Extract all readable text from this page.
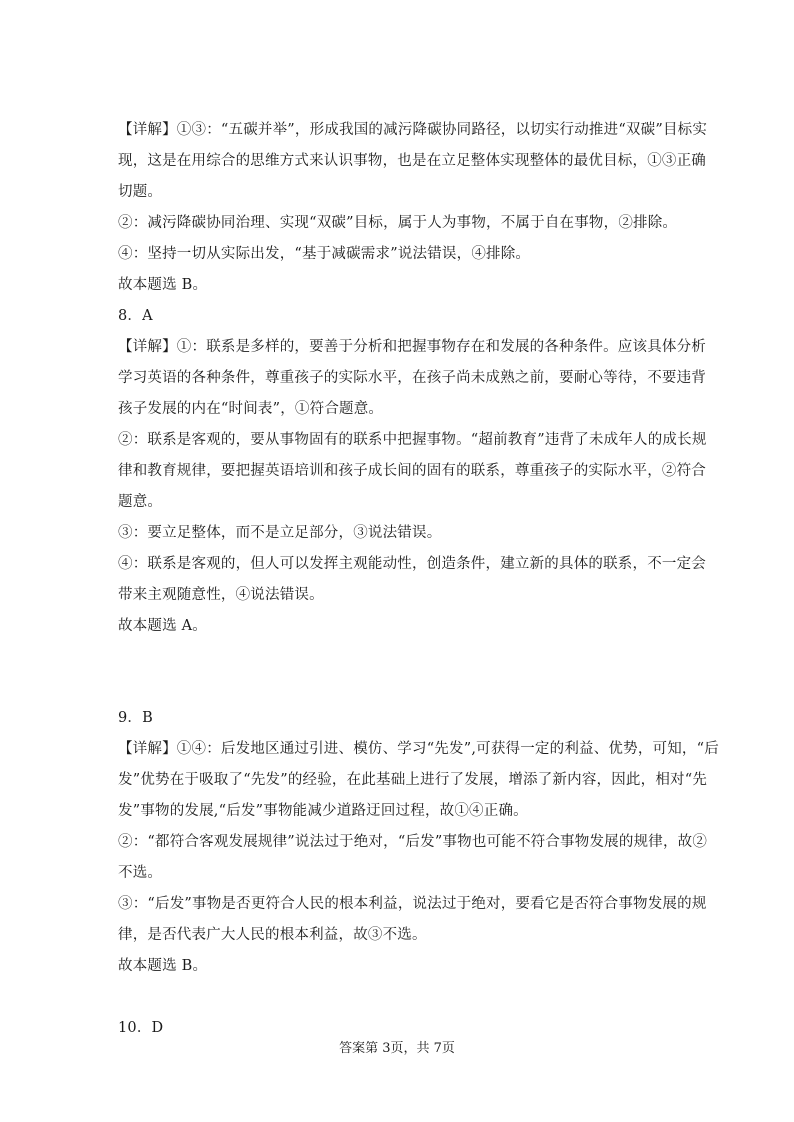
【详解】①③：“五碳并举”，形成我国的减污降碳协同路径，以切实行动推进“双碳”目标实
现，这是在用综合的思维方式来认识事物，也是在立足整体实现整体的最优目标，①③正确
切题。
②：减污降碳协同治理、实现“双碳”目标，属于人为事物，不属于自在事物，②排除。
④：坚持一切从实际出发，“基于减碳需求”说法错误，④排除。
故本题选 B。
8．A
【详解】①：联系是多样的，要善于分析和把握事物存在和发展的各种条件。应该具体分析
学习英语的各种条件，尊重孩子的实际水平，在孩子尚未成熟之前，要耐心等待，不要违背
孩子发展的内在“时间表”，①符合题意。
②：联系是客观的，要从事物固有的联系中把握事物。“超前教育”违背了未成年人的成长规
律和教育规律，要把握英语培训和孩子成长间的固有的联系，尊重孩子的实际水平，②符合
题意。
③：要立足整体，而不是立足部分，③说法错误。
④：联系是客观的，但人可以发挥主观能动性，创造条件，建立新的具体的联系，不一定会
带来主观随意性，④说法错误。
故本题选 A。
9．B
【详解】①④：后发地区通过引进、模仿、学习“先发”,可获得一定的利益、优势，可知，“后
发”优势在于吸取了“先发”的经验，在此基础上进行了发展，增添了新内容，因此，相对“先
发”事物的发展,“后发”事物能减少道路迂回过程，故①④正确。
②：“都符合客观发展规律”说法过于绝对，“后发”事物也可能不符合事物发展的规律，故②
不选。
③：“后发”事物是否更符合人民的根本利益，说法过于绝对，要看它是否符合事物发展的规
律，是否代表广大人民的根本利益，故③不选。
故本题选 B。
10．D
答案第 3页，共 7页
